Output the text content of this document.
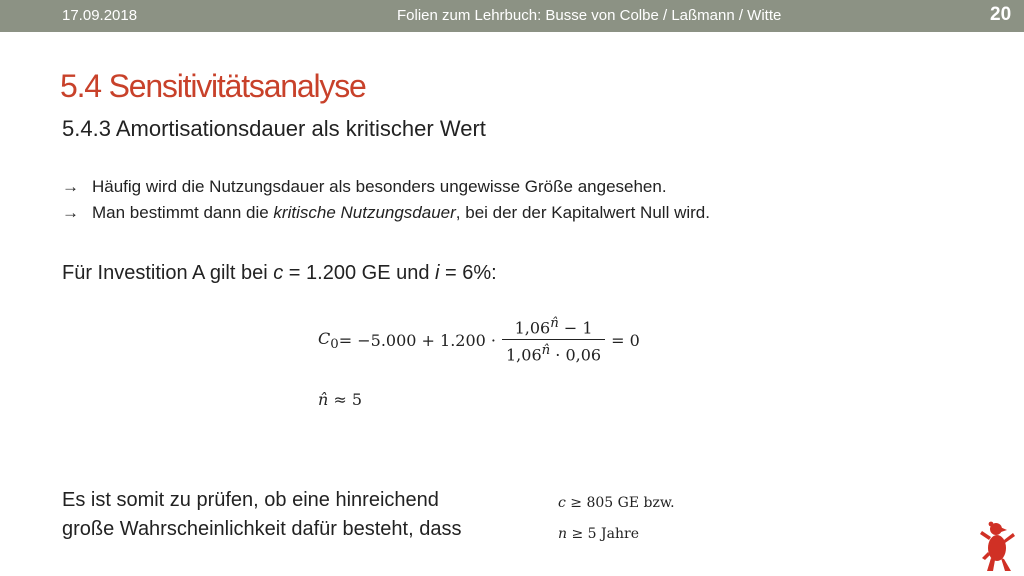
17.09.2018	Folien zum Lehrbuch: Busse von Colbe / Laßmann / Witte	20
5.4 Sensitivitätsanalyse
5.4.3 Amortisationsdauer als kritischer Wert
→ Häufig wird die Nutzungsdauer als besonders ungewisse Größe angesehen.
→ Man bestimmt dann die kritische Nutzungsdauer, bei der der Kapitalwert Null wird.
Für Investition A gilt bei c = 1.200 GE und i = 6%:
$C_0 = -5.000 + 1.200 \cdot \frac{1,06^{n̂} - 1}{1,06^{n̂} \cdot 0,06} = 0$
n̂ ≈ 5
Es ist somit zu prüfen, ob eine hinreichend
große Wahrscheinlichkeit dafür besteht, dass
c ≥ 805 GE bzw.
n ≥ 5 Jahre
